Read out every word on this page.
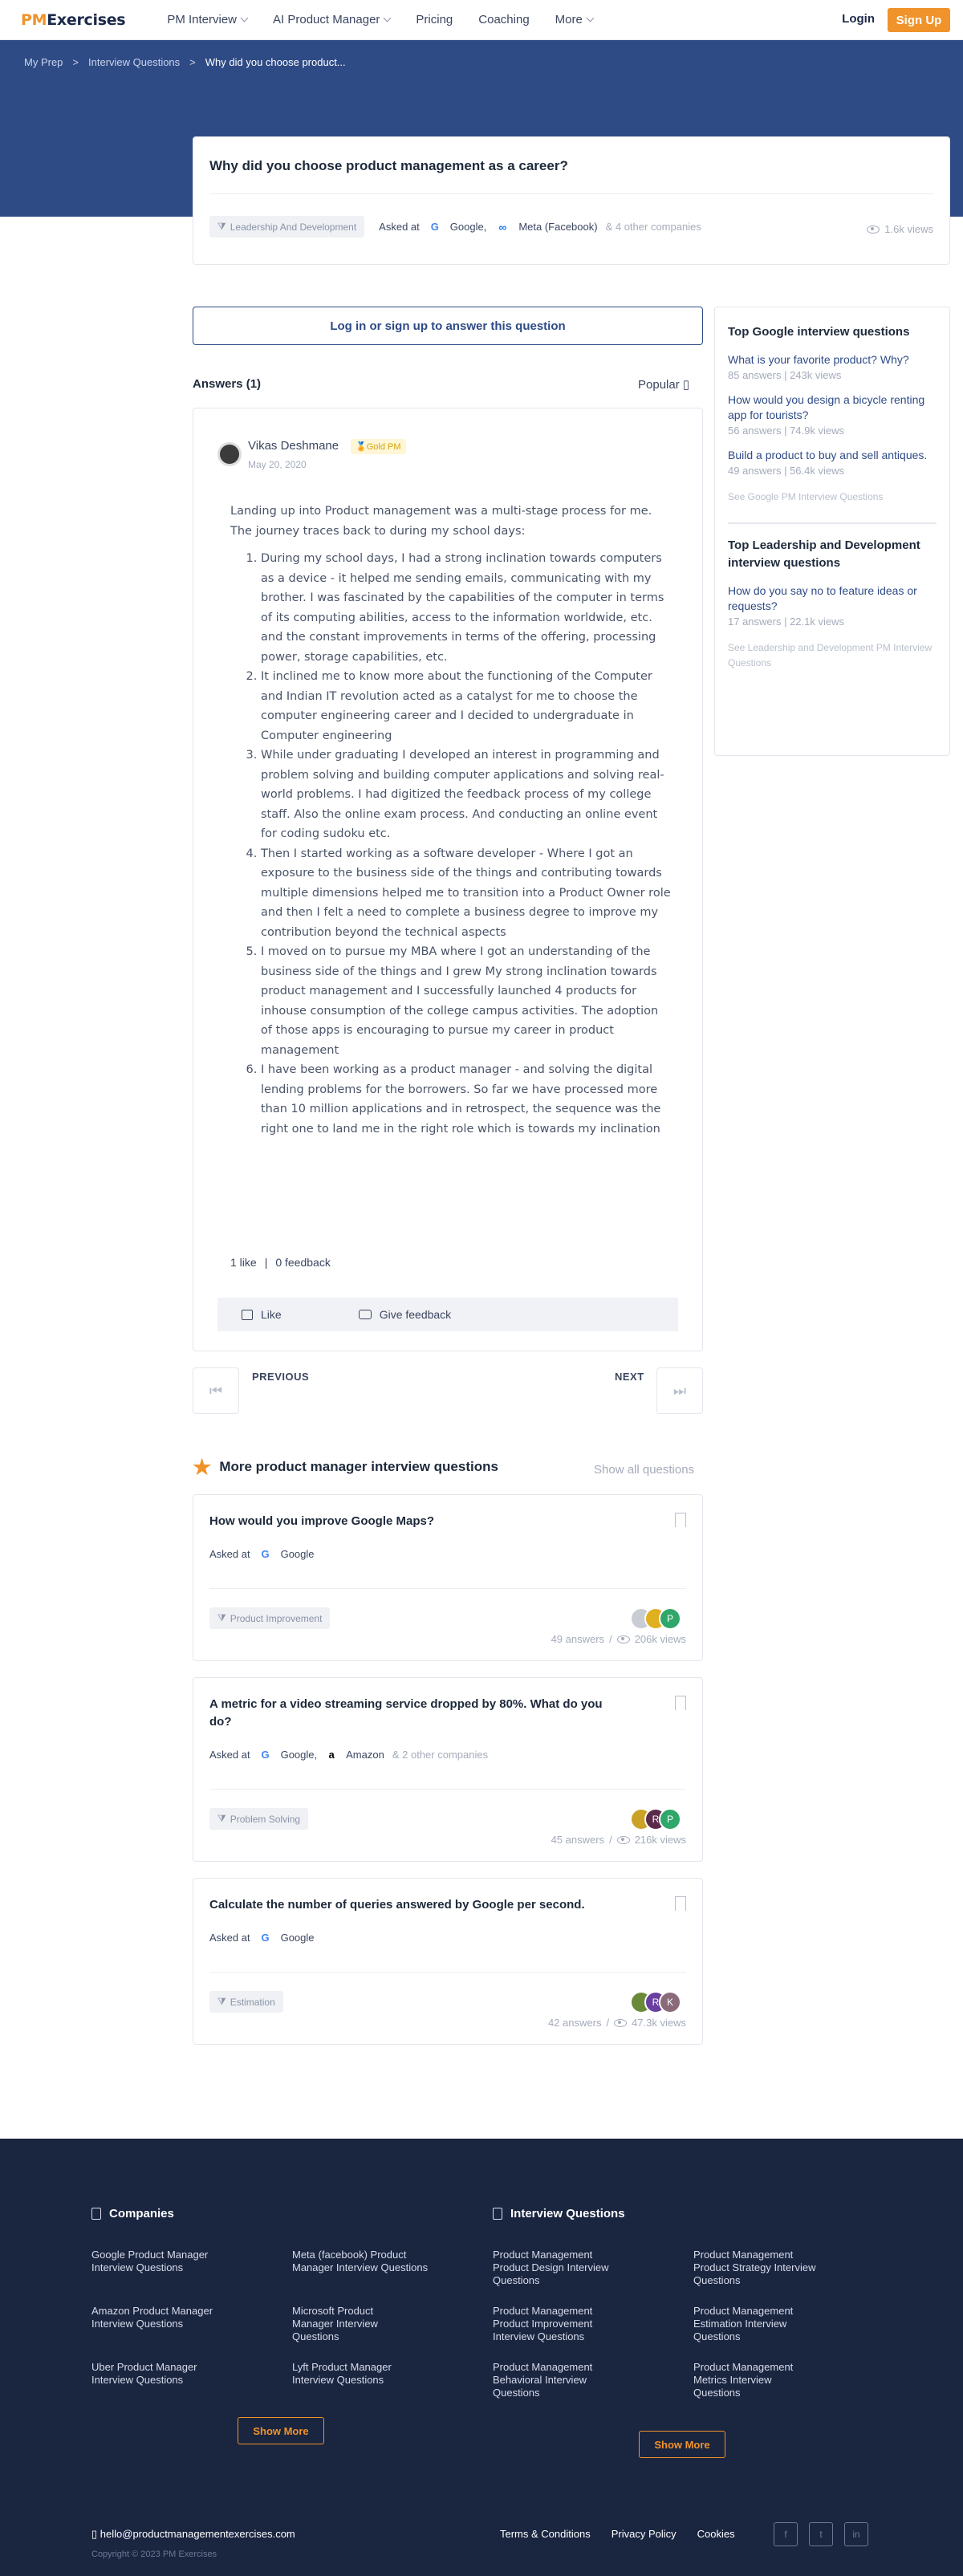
PMExercises	PM Interview	AI Product Manager	Pricing Coaching More	Login	Sign Up
My Prep > Interview Questions > Why did you choose product...
Why did you choose product management as a career?
⧩ Leadership And Development Asked at	G	Google,	∞	Meta (Facebook) & 4 other companies	1.6k views
Log in or sign up to answer this question
Answers (1)	Popular ▯
Vikas Deshmane	🏅Gold PM
May 20, 2020

Landing up into Product management was a multi-stage process for me. The journey traces back to during my school days:

1. During my school days, I had a strong inclination towards computers as a device - it helped me sending emails, communicating with my brother. I was fascinated by the capabilities of the computer in terms of its computing abilities, access to the information worldwide, etc. and the constant improvements in terms of the offering, processing power, storage capabilities, etc.
2. It inclined me to know more about the functioning of the Computer and Indian IT revolution acted as a catalyst for me to choose the computer engineering career and I decided to undergraduate in Computer engineering
3. While under graduating I developed an interest in programming and problem solving and building computer applications and solving real-world problems. I had digitized the feedback process of my college staff. Also the online exam process. And conducting an online event for coding sudoku etc.
4. Then I started working as a software developer - Where I got an exposure to the business side of the things and contributing towards multiple dimensions helped me to transition into a Product Owner role and then I felt a need to complete a business degree to improve my contribution beyond the technical aspects
5. I moved on to pursue my MBA where I got an understanding of the business side of the things and I grew My strong inclination towards product management and I successfully launched 4 products for inhouse consumption of the college campus activities. The adoption of those apps is encouraging to pursue my career in product management
6. I have been working as a product manager - and solving the digital lending problems for the borrowers. So far we have processed more than 10 million applications and in retrospect, the sequence was the right one to land me in the right role which is towards my inclination
1 like | 0 feedback
Like	Give feedback
⏮
PREVIOUS	NEXT
⏭
★ More product manager interview questions	Show all questions
How would you improve Google Maps?
Asked at	G	Google
⧩ Product Improvement	P
49 answers / 206k views
A metric for a video streaming service dropped by 80%. What do you do?
Asked at	G	Google,	a	Amazon & 2 other companies
⧩ Problem Solving	R P
45 answers / 216k views
Calculate the number of queries answered by Google per second.
Asked at	G	Google
⧩ Estimation	R K
42 answers / 47.3k views
Top Google interview questions
What is your favorite product? Why?
85 answers | 243k views
How would you design a bicycle renting app for tourists?
56 answers | 74.9k views
Build a product to buy and sell antiques.
49 answers | 56.4k views
See Google PM Interview Questions
Top Leadership and Development interview questions
How do you say no to feature ideas or requests?
17 answers | 22.1k views
See Leadership and Development PM Interview Questions
Companies	Interview Questions
Google Product Manager Interview Questions
Meta (facebook) Product Manager Interview Questions
Amazon Product Manager Interview Questions
Microsoft Product Manager Interview Questions
Uber Product Manager Interview Questions
Lyft Product Manager Interview Questions
Show More
Product Management Product Design Interview Questions
Product Management Product Strategy Interview Questions
Product Management Product Improvement Interview Questions
Product Management Estimation Interview Questions
Product Management Behavioral Interview Questions
Product Management Metrics Interview Questions
Show More
▯ hello@productmanagementexercises.com
Copyright © 2023 PM Exercises
Terms & Conditions Privacy Policy Cookies	f	t	in
